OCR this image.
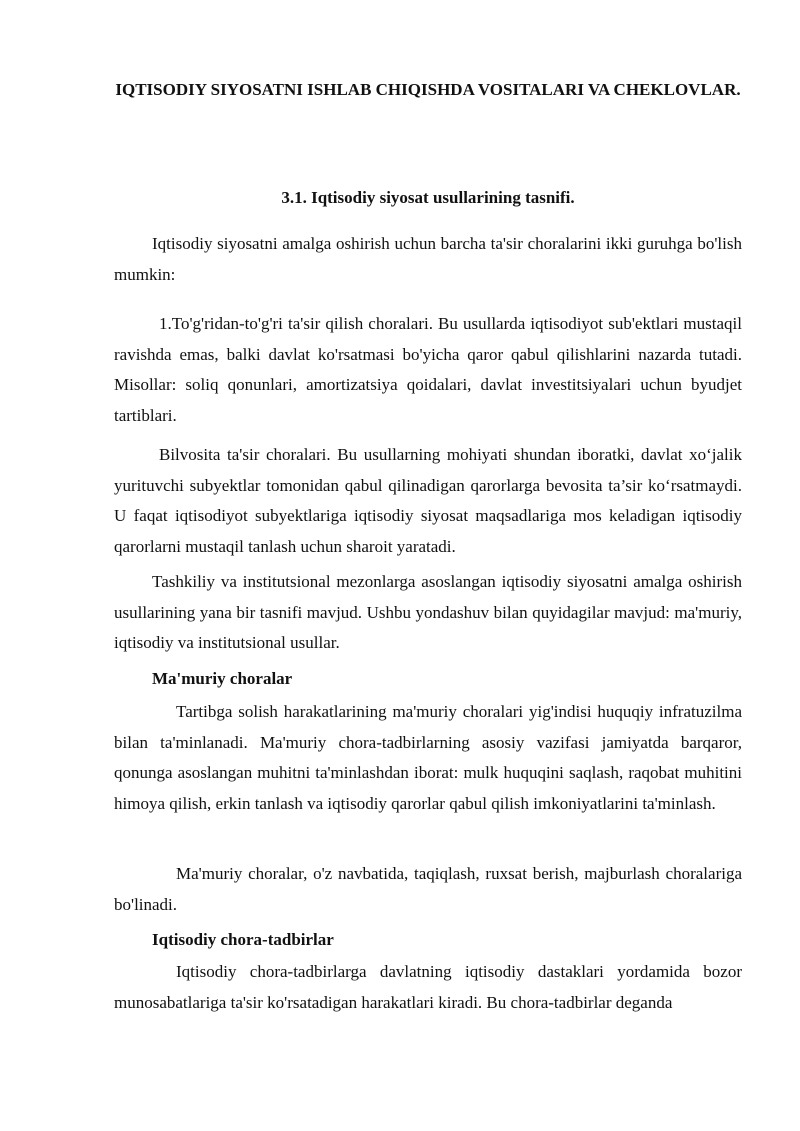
IQTISODIY SIYOSATNI ISHLAB CHIQISHDA VOSITALARI VA CHEKLOVLAR.
3.1. Iqtisodiy siyosat usullarining tasnifi.

Iqtisodiy siyosatni amalga oshirish uchun barcha ta'sir choralarini ikki guruhga bo'lish mumkin:

1.To'g'ridan-to'g'ri ta'sir qilish choralari. Bu usullarda iqtisodiyot sub'ektlari mustaqil ravishda emas, balki davlat ko'rsatmasi bo'yicha qaror qabul qilishlarini nazarda tutadi. Misollar: soliq qonunlari, amortizatsiya qoidalari, davlat investitsiyalari uchun byudjet tartiblari.

Bilvosita ta'sir choralari. Bu usullarning mohiyati shundan iboratki, davlat xo‘jalik yurituvchi subyektlar tomonidan qabul qilinadigan qarorlarga bevosita ta’sir ko‘rsatmaydi. U faqat iqtisodiyot subyektlariga iqtisodiy siyosat maqsadlariga mos keladigan iqtisodiy qarorlarni mustaqil tanlash uchun sharoit yaratadi.

Tashkiliy va institutsional mezonlarga asoslangan iqtisodiy siyosatni amalga oshirish usullarining yana bir tasnifi mavjud. Ushbu yondashuv bilan quyidagilar mavjud: ma'muriy, iqtisodiy va institutsional usullar.

Ma'muriy choralar

Tartibga solish harakatlarining ma'muriy choralari yig'indisi huquqiy infratuzilma bilan ta'minlanadi. Ma'muriy chora-tadbirlarning asosiy vazifasi jamiyatda barqaror, qonunga asoslangan muhitni ta'minlashdan iborat: mulk huquqini saqlash, raqobat muhitini himoya qilish, erkin tanlash va iqtisodiy qarorlar qabul qilish imkoniyatlarini ta'minlash.

Ma'muriy choralar, o'z navbatida, taqiqlash, ruxsat berish, majburlash choralariga bo'linadi.

Iqtisodiy chora-tadbirlar

Iqtisodiy chora-tadbirlarga davlatning iqtisodiy dastaklari yordamida bozor munosabatlariga ta'sir ko'rsatadigan harakatlari kiradi. Bu chora-tadbirlar deganda
